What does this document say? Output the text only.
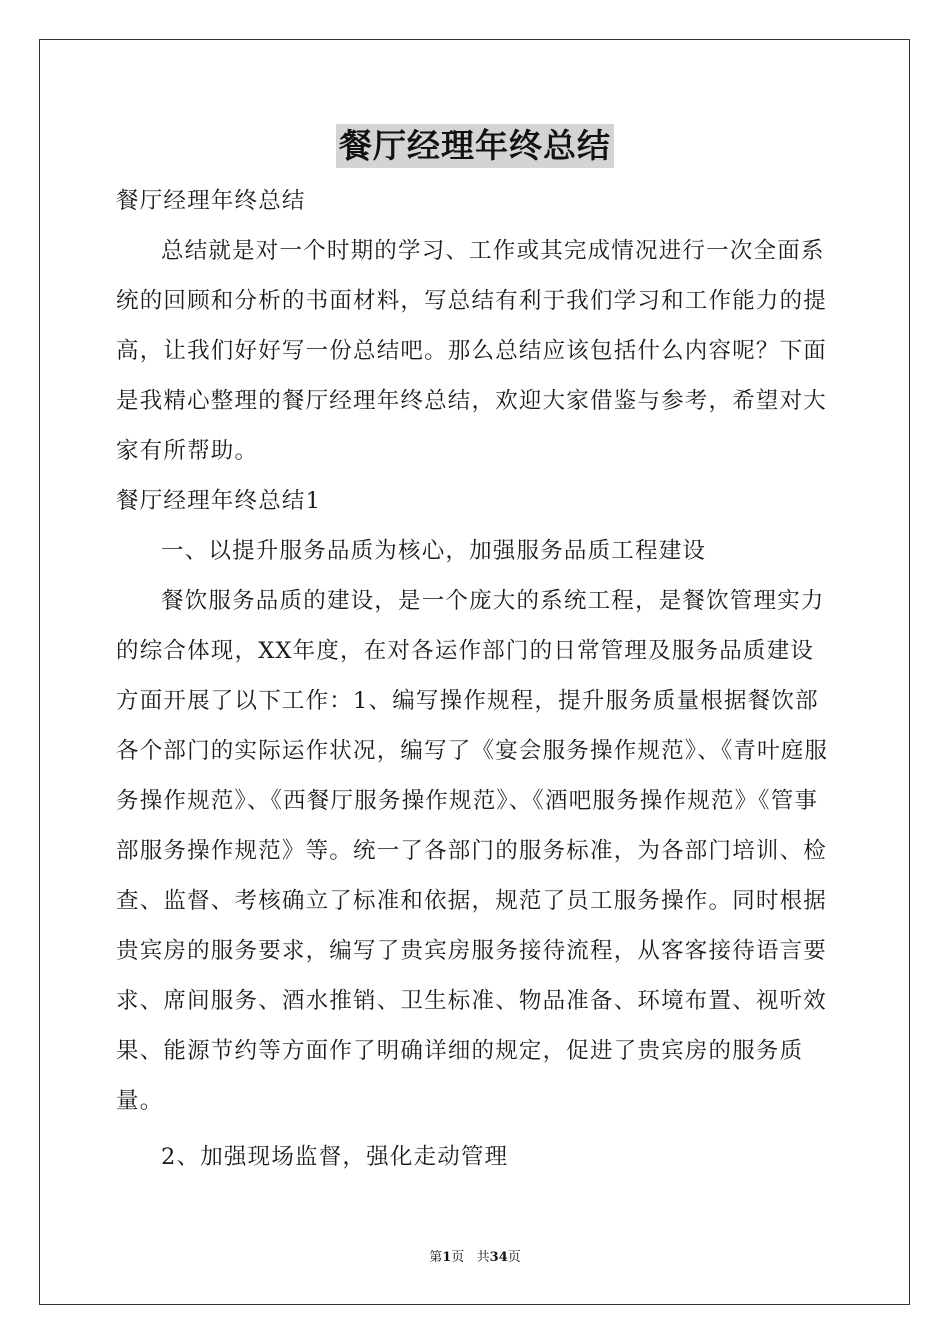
餐厅经理年终总结

餐厅经理年终总结

总结就是对一个时期的学习、工作或其完成情况进行一次全面系统的回顾和分析的书面材料，写总结有利于我们学习和工作能力的提高，让我们好好写一份总结吧。那么总结应该包括什么内容呢？下面是我精心整理的餐厅经理年终总结，欢迎大家借鉴与参考，希望对大家有所帮助。

餐厅经理年终总结1

一、以提升服务品质为核心，加强服务品质工程建设

餐饮服务品质的建设，是一个庞大的系统工程，是餐饮管理实力的综合体现，XX年度，在对各运作部门的日常管理及服务品质建设方面开展了以下工作：1、编写操作规程，提升服务质量根据餐饮部各个部门的实际运作状况，编写了《宴会服务操作规范》、《青叶庭服务操作规范》、《西餐厅服务操作规范》、《酒吧服务操作规范》《管事部服务操作规范》等。统一了各部门的服务标准，为各部门培训、检查、监督、考核确立了标准和依据，规范了员工服务操作。同时根据贵宾房的服务要求，编写了贵宾房服务接待流程，从客客接待语言要求、席间服务、酒水推销、卫生标准、物品准备、环境布置、视听效果、能源节约等方面作了明确详细的规定，促进了贵宾房的服务质量。

2、加强现场监督，强化走动管理

第1页   共34页
